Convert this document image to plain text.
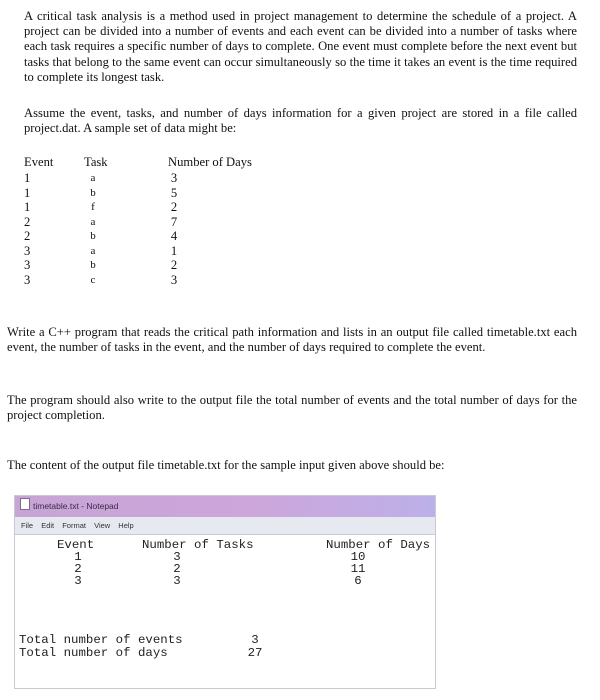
A critical task analysis is a method used in project management to determine the schedule of a project. A project can be divided into a number of events and each event can be divided into a number of tasks where each task requires a specific number of days to complete. One event must complete before the next event but tasks that belong to the same event can occur simultaneously so the time it takes an event is the time required to complete its longest task.

Assume the event, tasks, and number of days information for a given project are stored in a file called project.dat. A sample set of data might be:

Event Task	Number of Days
1	a	3
1	b	5
1	f	2
2	a	7
2	b	4
3	a	1
3	b	2
3	c	3

Write a C++ program that reads the critical path information and lists in an output file called timetable.txt each event, the number of tasks in the event, and the number of days required to complete the event.

The program should also write to the output file the total number of events and the total number of days for the project completion.

The content of the output file timetable.txt for the sample input given above should be:

timetable.txt - Notepad
File Edit Format View Help
Event	Number of Tasks	Number of Days
1	3	10
2	2	11
3	3	6
Total number of events	3
Total number of days	27
